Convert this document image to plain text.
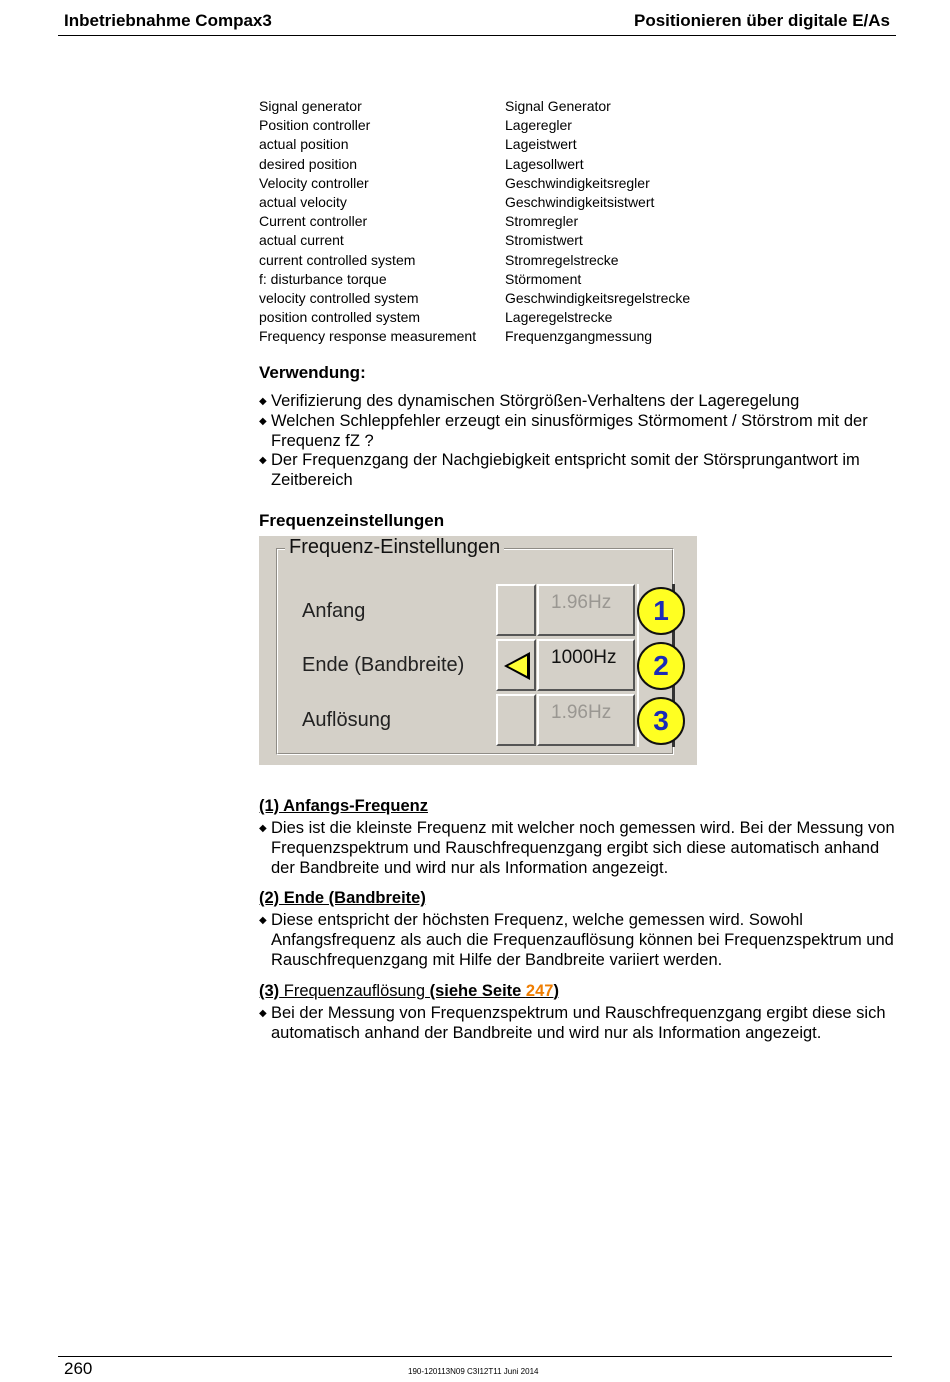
Inbetriebnahme Compax3	Positionieren über digitale E/As
Signal generator	Signal Generator
Position controller	Lageregler
actual position	Lageistwert
desired position	Lagesollwert
Velocity controller	Geschwindigkeitsregler
actual velocity	Geschwindigkeitsistwert
Current controller	Stromregler
actual current	Stromistwert
current controlled system	Stromregelstrecke
f: disturbance torque	Störmoment
velocity controlled system	Geschwindigkeitsregelstrecke
position controlled system	Lageregelstrecke
Frequency response measurement	Frequenzgangmessung
Verwendung:
◆ Verifizierung des dynamischen Störgrößen-Verhaltens der Lageregelung
◆ Welchen Schleppfehler erzeugt ein sinusförmiges Störmoment / Störstrom mit der Frequenz fZ ?
◆ Der Frequenzgang der Nachgiebigkeit entspricht somit der Störsprungantwort im Zeitbereich
Frequenzeinstellungen
Frequenz-Einstellungen
Anfang	1.96Hz	1
Ende (Bandbreite)	1000Hz	2
Auflösung	1.96Hz	3
(1) Anfangs-Frequenz
◆ Dies ist die kleinste Frequenz mit welcher noch gemessen wird. Bei der Messung von Frequenzspektrum und Rauschfrequenzgang ergibt sich diese automatisch anhand der Bandbreite und wird nur als Information angezeigt.
(2) Ende (Bandbreite)
◆ Diese entspricht der höchsten Frequenz, welche gemessen wird. Sowohl Anfangsfrequenz als auch die Frequenzauflösung können bei Frequenzspektrum und Rauschfrequenzgang mit Hilfe der Bandbreite variiert werden.
(3) Frequenzauflösung (siehe Seite 247)
◆ Bei der Messung von Frequenzspektrum und Rauschfrequenzgang ergibt diese sich automatisch anhand der Bandbreite und wird nur als Information angezeigt.
260	190-120113N09 C3I12T11 Juni 2014
